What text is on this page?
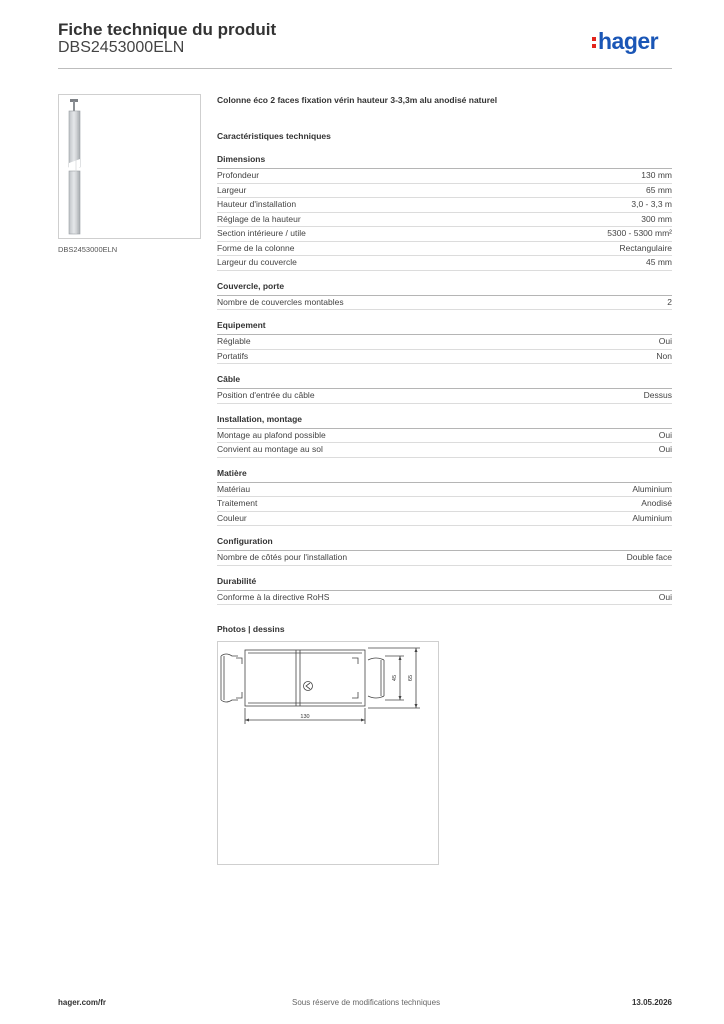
Fiche technique du produit
DBS2453000ELN	hager
DBS2453000ELN
Colonne éco 2 faces fixation vérin hauteur 3-3,3m alu anodisé naturel
Caractéristiques techniques
Dimensions
Profondeur	130 mm
Largeur	65 mm
Hauteur d'installation	3,0 - 3,3 m
Réglage de la hauteur	300 mm
Section intérieure / utile	5300 - 5300 mm²
Forme de la colonne	Rectangulaire
Largeur du couvercle	45 mm
Couvercle, porte
Nombre de couvercles montables	2
Equipement
Réglable	Oui
Portatifs	Non
Câble
Position d'entrée du câble	Dessus
Installation, montage
Montage au plafond possible	Oui
Convient au montage au sol	Oui
Matière
Matériau	Aluminium
Traitement	Anodisé
Couleur	Aluminium
Configuration
Nombre de côtés pour l'installation	Double face
Durabilité
Conforme à la directive RoHS	Oui
Photos | dessins
130
45 65
hager.com/fr	Sous réserve de modifications techniques	13.05.2026
